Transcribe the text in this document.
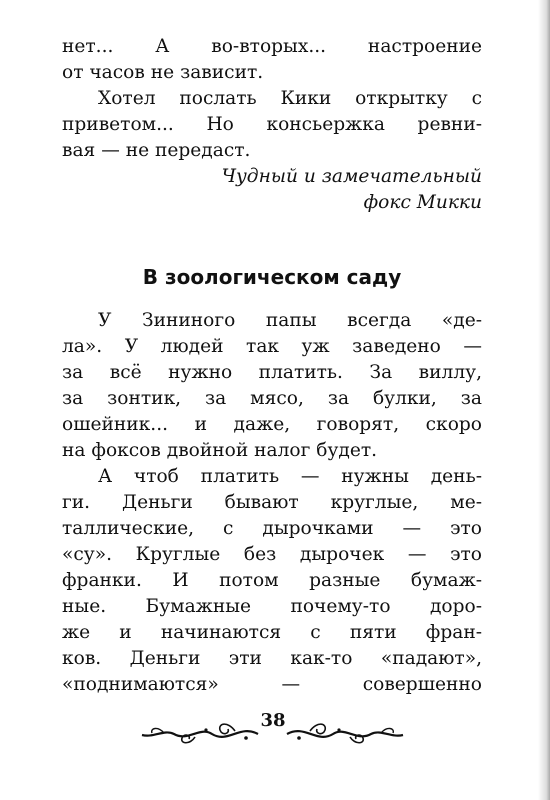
нет... А во-вторых... настроение
от часов не зависит.
Хотел послать Кики открытку с
приветом... Но консьержка ревни-
вая — не передаст.
Чудный и замечательный
фокс Микки
В зоологическом саду
У Зининого папы всегда «де-
ла». У людей так уж заведено —
за всё нужно платить. За виллу,
за зонтик, за мясо, за булки, за
ошейник... и даже, говорят, скоро
на фоксов двойной налог будет.
А чтоб платить — нужны день-
ги. Деньги бывают круглые, ме-
таллические, с дырочками — это
«су». Круглые без дырочек — это
франки. И потом разные бумаж-
ные. Бумажные почему-то доро-
же и начинаются с пяти фран-
ков. Деньги эти как-то «падают»,
«поднимаются» — совершенно
38
